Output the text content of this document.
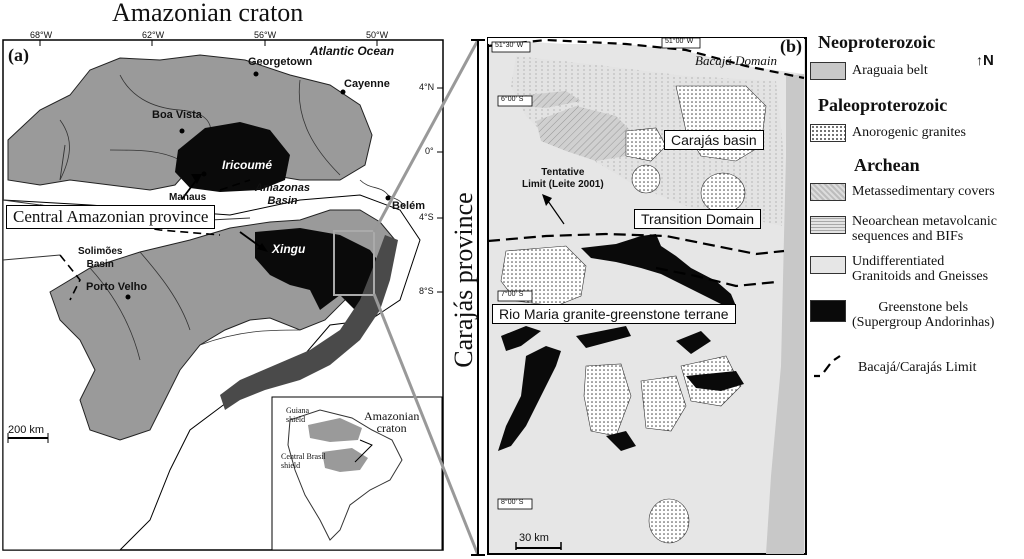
Amazonian craton
(a)
68°W	62°W	56°W	50°W
4°N
0°
4°S
8°S
Atlantic Ocean
Georgetown
Cayenne
Boa Vista
Iricoumé
Manaus
Amazonas
Basin	Belém
Xingu
Solimões
Basin
Porto Velho
Central Amazonian province
200 km
Guiana
shield	Amazonian
craton
Central Brasil
shield
Carajás province
(b)
51°30' W
51°00' W
6°00' S
7°00' S
8°00' S
Bacajá Domain
Carajás basin
Tentative
Limit (Leite 2001)
Transition Domain
Rio Maria granite-greenstone terrane
30 km
Neoproterozoic
↑N
Araguaia belt
Paleoproterozoic
Anorogenic granites
Archean
Metassedimentary covers
Neoarchean metavolcanic
sequences and BIFs
Undifferentiated
Granitoids and Gneisses
Greenstone bels
(Supergroup Andorinhas)
Bacajá/Carajás Limit
